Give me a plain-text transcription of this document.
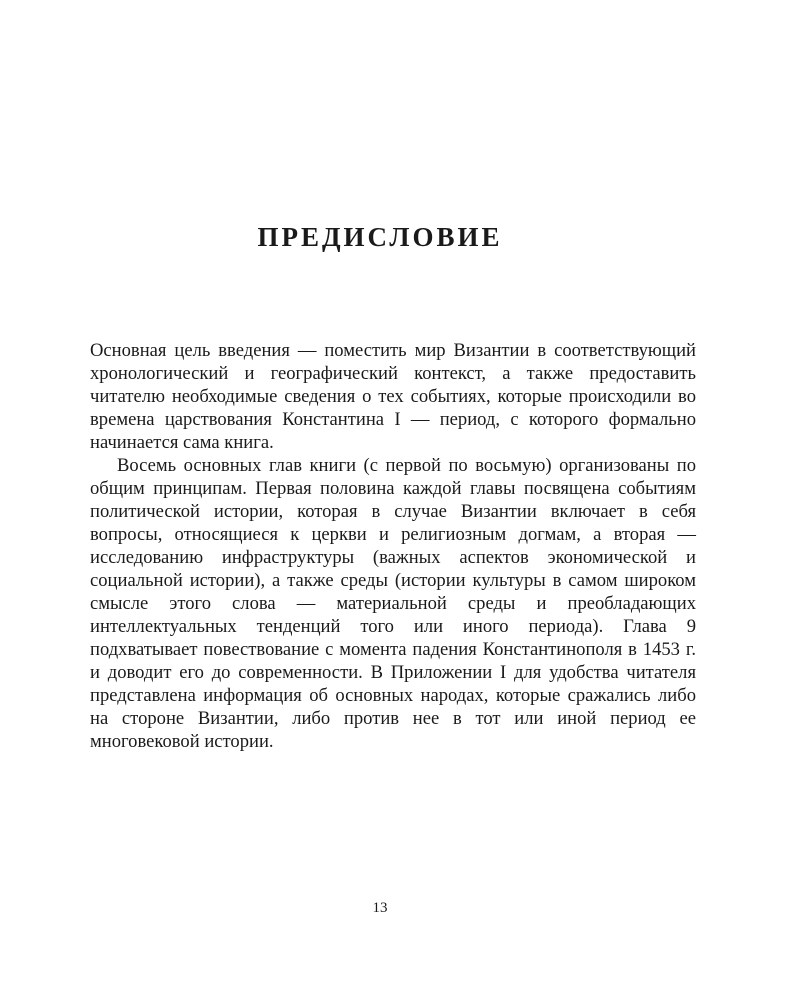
ПРЕДИСЛОВИЕ

Основная цель введения — поместить мир Византии в соответствующий хронологический и географический контекст, а также предоставить читателю необходимые сведения о тех событиях, которые происходили во времена царствования Константина I — период, с которого формально начинается сама книга.

Восемь основных глав книги (с первой по восьмую) организованы по общим принципам. Первая половина каждой главы посвящена событиям политической истории, которая в случае Византии включает в себя вопросы, относящиеся к церкви и религиозным догмам, а вторая — исследованию инфраструктуры (важных аспектов экономической и социальной истории), а также среды (истории культуры в самом широком смысле этого слова — материальной среды и преобладающих интеллектуальных тенденций того или иного периода). Глава 9 подхватывает повествование с момента падения Константинополя в 1453 г. и доводит его до современности. В Приложении I для удобства читателя представлена информация об основных народах, которые сражались либо на стороне Византии, либо против нее в тот или иной период ее многовековой истории.

13
